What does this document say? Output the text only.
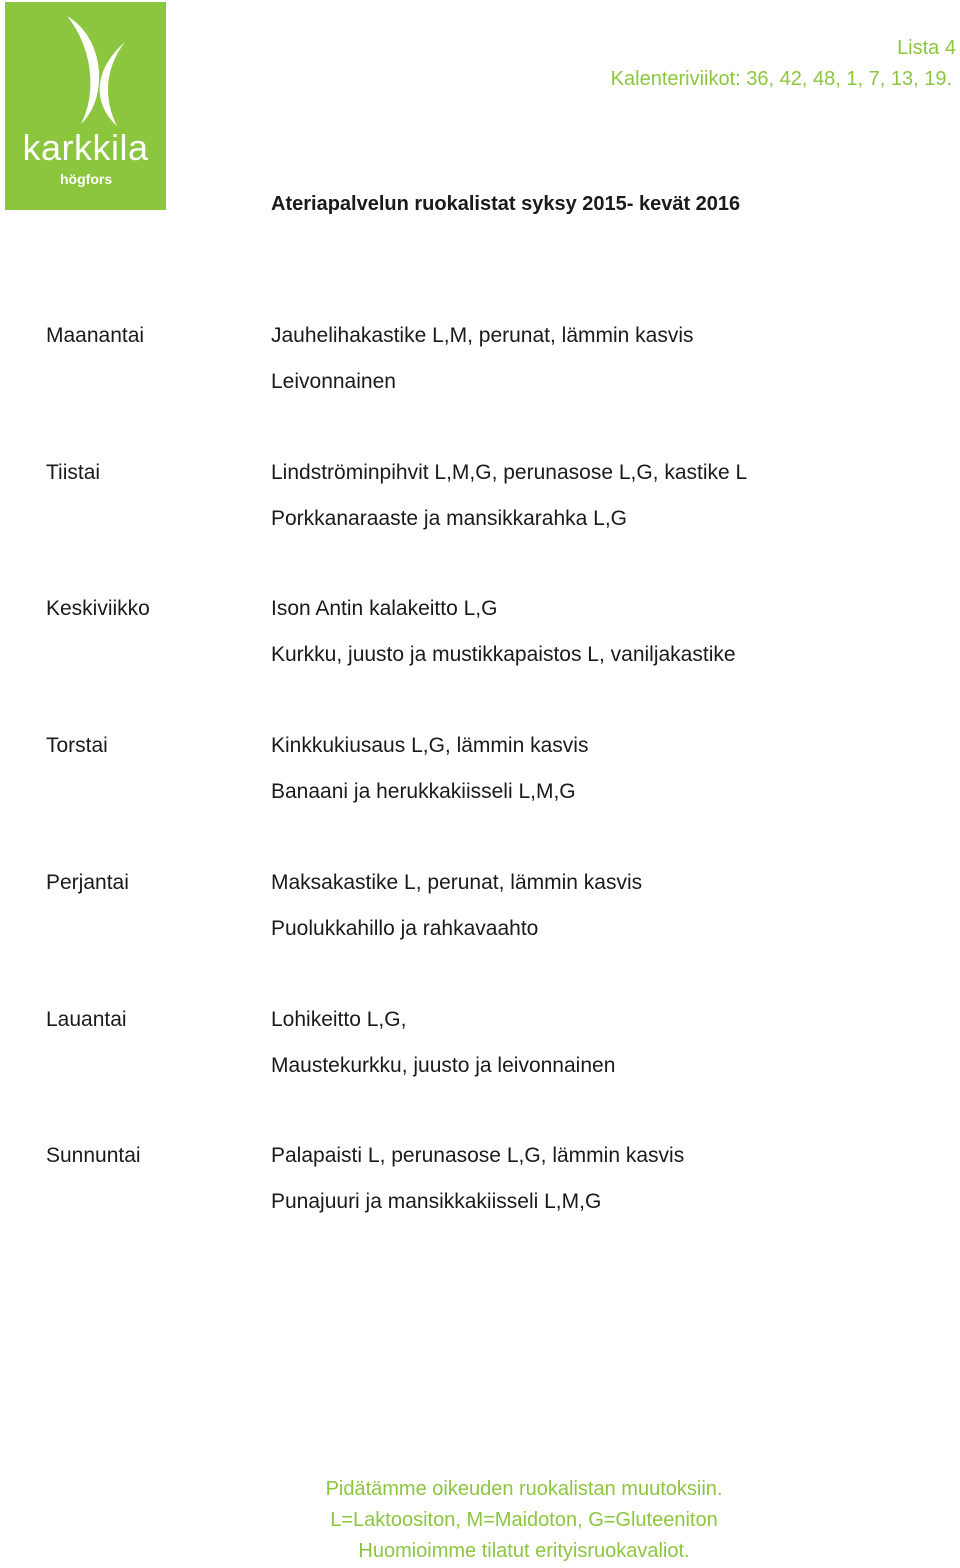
karkkila
högfors
Lista 4
Kalenteriviikot: 36, 42, 48, 1, 7, 13, 19.
Ateriapalvelun ruokalistat syksy 2015- kevät 2016
Maanantai	Jauhelihakastike L,M, perunat, lämmin kasvis
Leivonnainen
Tiistai	Lindströminpihvit L,M,G, perunasose L,G, kastike L
Porkkanaraaste ja mansikkarahka L,G
Keskiviikko	Ison Antin kalakeitto L,G
Kurkku, juusto ja mustikkapaistos L, vaniljakastike
Torstai	Kinkkukiusaus L,G, lämmin kasvis
Banaani ja herukkakiisseli L,M,G
Perjantai	Maksakastike L, perunat, lämmin kasvis
Puolukkahillo ja rahkavaahto
Lauantai	Lohikeitto L,G,
Maustekurkku, juusto ja leivonnainen
Sunnuntai	Palapaisti L, perunasose L,G, lämmin kasvis
Punajuuri ja mansikkakiisseli L,M,G
Pidätämme oikeuden ruokalistan muutoksiin.
L=Laktoositon, M=Maidoton, G=Gluteeniton
Huomioimme tilatut erityisruokavaliot.
